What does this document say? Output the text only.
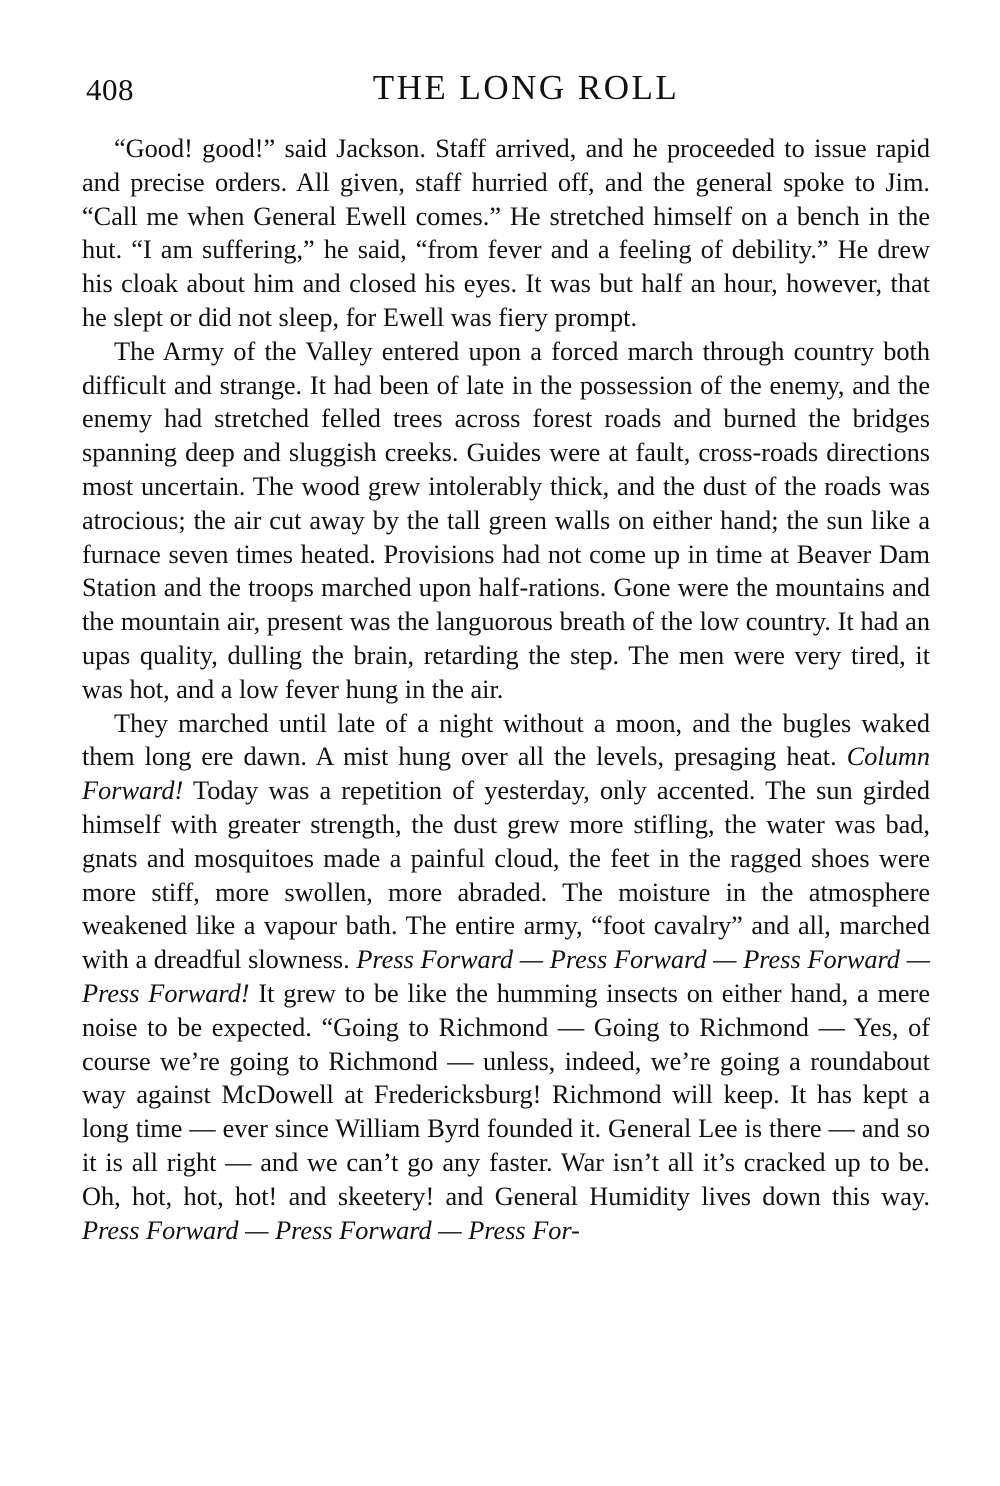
408	THE LONG ROLL

“Good! good!” said Jackson. Staff arrived, and he proceeded to issue rapid and precise orders. All given, staff hurried off, and the general spoke to Jim. “Call me when General Ewell comes.” He stretched himself on a bench in the hut. “I am suffering,” he said, “from fever and a feeling of debility.” He drew his cloak about him and closed his eyes. It was but half an hour, however, that he slept or did not sleep, for Ewell was fiery prompt.

The Army of the Valley entered upon a forced march through country both difficult and strange. It had been of late in the possession of the enemy, and the enemy had stretched felled trees across forest roads and burned the bridges spanning deep and sluggish creeks. Guides were at fault, cross-roads directions most uncertain. The wood grew intolerably thick, and the dust of the roads was atrocious; the air cut away by the tall green walls on either hand; the sun like a furnace seven times heated. Provisions had not come up in time at Beaver Dam Station and the troops marched upon half-rations. Gone were the mountains and the mountain air, present was the languorous breath of the low country. It had an upas quality, dulling the brain, retarding the step. The men were very tired, it was hot, and a low fever hung in the air.

They marched until late of a night without a moon, and the bugles waked them long ere dawn. A mist hung over all the levels, presaging heat. Column Forward! Today was a repetition of yesterday, only accented. The sun girded himself with greater strength, the dust grew more stifling, the water was bad, gnats and mosquitoes made a painful cloud, the feet in the ragged shoes were more stiff, more swollen, more abraded. The moisture in the atmosphere weakened like a vapour bath. The entire army, “foot cavalry” and all, marched with a dreadful slowness. Press Forward — Press Forward — Press Forward — Press Forward! It grew to be like the humming insects on either hand, a mere noise to be expected. “Going to Richmond — Going to Richmond — Yes, of course we’re going to Richmond — unless, indeed, we’re going a roundabout way against McDowell at Fredericksburg! Richmond will keep. It has kept a long time — ever since William Byrd founded it. General Lee is there — and so it is all right — and we can’t go any faster. War isn’t all it’s cracked up to be. Oh, hot, hot, hot! and skeetery! and General Humidity lives down this way. Press Forward — Press Forward — Press For-
